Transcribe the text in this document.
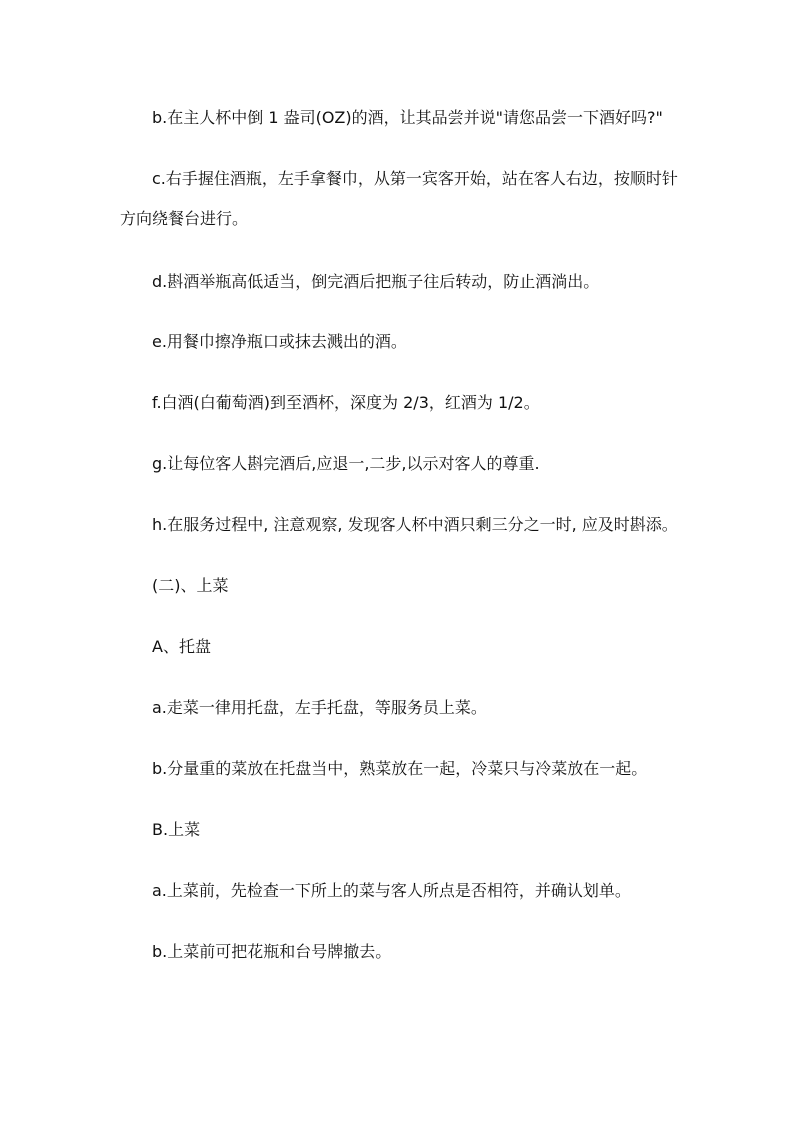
b.在主人杯中倒 1 盎司(OZ)的酒，让其品尝并说"请您品尝一下酒好吗?"

c.右手握住酒瓶，左手拿餐巾，从第一宾客开始，站在客人右边，按顺时针方向绕餐台进行。

d.斟酒举瓶高低适当，倒完酒后把瓶子往后转动，防止酒淌出。

e.用餐巾擦净瓶口或抹去溅出的酒。

f.白酒(白葡萄酒)到至酒杯，深度为 2/3，红酒为 1/2。

g.让每位客人斟完酒后,应退一,二步,以示对客人的尊重.

h.在服务过程中, 注意观察, 发现客人杯中酒只剩三分之一时, 应及时斟添。

(二)、上菜

A、托盘

a.走菜一律用托盘，左手托盘，等服务员上菜。

b.分量重的菜放在托盘当中，熟菜放在一起，冷菜只与冷菜放在一起。

B.上菜

a.上菜前，先检查一下所上的菜与客人所点是否相符，并确认划单。

b.上菜前可把花瓶和台号牌撤去。
